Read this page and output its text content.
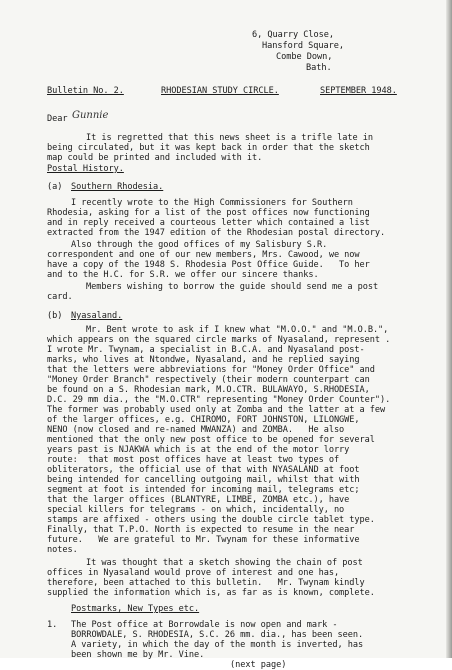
6, Quarry Close,
Hansford Square,
Combe Down,
Bath.
Bulletin No. 2.	RHODESIAN STUDY CIRCLE.	SEPTEMBER 1948.
Dear Gunnie
It is regretted that this news sheet is a trifle late in
being circulated, but it was kept back in order that the sketch
map could be printed and included with it.
Postal History.
(a) Southern Rhodesia.
I recently wrote to the High Commissioners for Southern
Rhodesia, asking for a list of the post offices now functioning
and in reply received a courteous letter which contained a list
extracted from the 1947 edition of the Rhodesian postal directory.
Also through the good offices of my Salisbury S.R.
correspondent and one of our new members, Mrs. Cawood, we now
have a copy of the 1948 S. Rhodesia Post Office Guide.   To her
and to the H.C. for S.R. we offer our sincere thanks.
Members wishing to borrow the guide should send me a post
card.
(b) Nyasaland.
Mr. Bent wrote to ask if I knew what "M.O.O." and "M.O.B.",
which appears on the squared circle marks of Nyasaland, represent .
I wrote Mr. Twynam, a specialist in B.C.A. and Nyasaland post-
marks, who lives at Ntondwe, Nyasaland, and he replied saying
that the letters were abbreviations for "Money Order Office" and
"Money Order Branch" respectively (their modern counterpart can
be found on a S. Rhodesian mark, M.O.CTR. BULAWAYO, S.RHODESIA,
D.C. 29 mm dia., the "M.O.CTR" representing "Money Order Counter").
The former was probably used only at Zomba and the latter at a few
of the larger offices, e.g. CHIROMO, FORT JOHNSTON, LILONGWE,
NENO (now closed and re-named MWANZA) and ZOMBA.   He also
mentioned that the only new post office to be opened for several
years past is NJAKWA which is at the end of the motor lorry
route:  that most post offices have at least two types of
obliterators, the official use of that with NYASALAND at foot
being intended for cancelling outgoing mail, whilst that with
segment at foot is intended for incoming mail, telegrams etc;
that the larger offices (BLANTYRE, LIMBE, ZOMBA etc.), have
special killers for telegrams - on which, incidentally, no
stamps are affixed - others using the double circle tablet type.
Finally, that T.P.O. North is expected to resume in the near
future.   We are grateful to Mr. Twynam for these informative
notes.
It was thought that a sketch showing the chain of post
offices in Nyasaland would prove of interest and one has,
therefore, been attached to this bulletin.   Mr. Twynam kindly
supplied the information which is, as far as is known, complete.
Postmarks, New Types etc.
1. The Post office at Borrowdale is now open and mark -
BORROWDALE, S. RHODESIA, S.C. 26 mm. dia., has been seen.
A variety, in which the day of the month is inverted, has
been shown me by Mr. Vine.
(next page)
